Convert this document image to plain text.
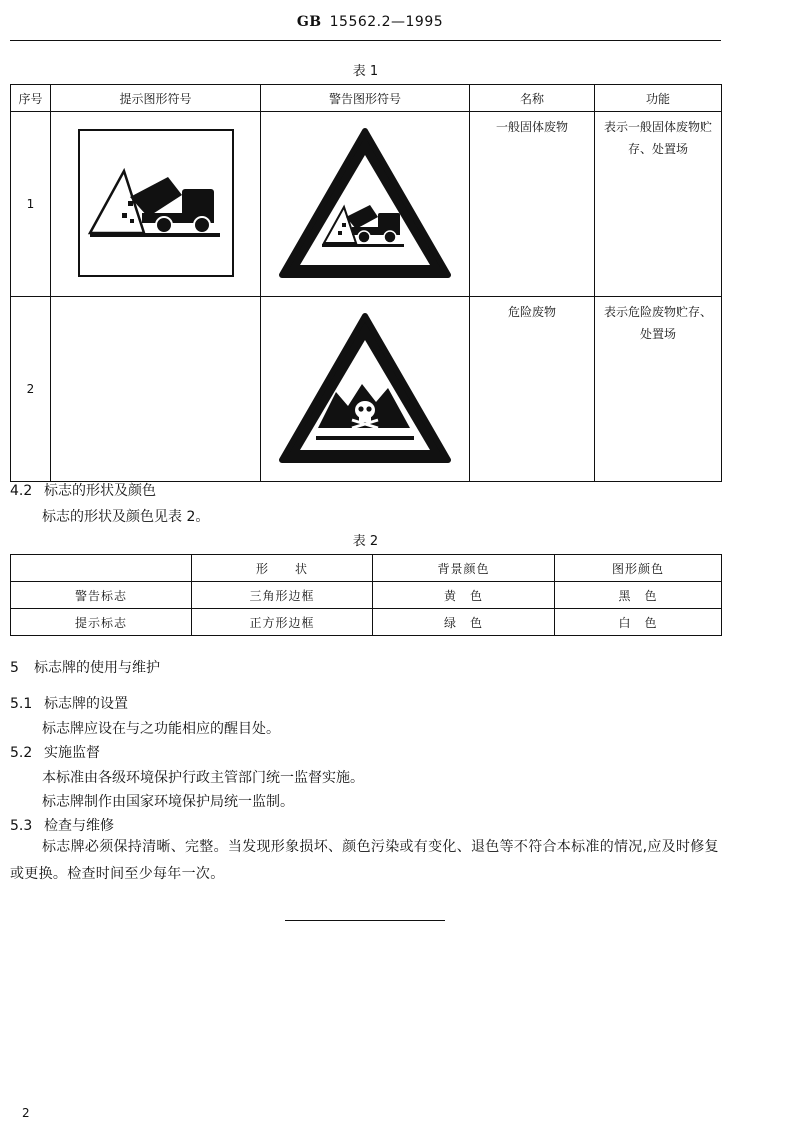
GB 15562.2—1995
表 1
序号	提示图形符号	警告图形符号	名称	功能
1			一般固体废物	表示一般固体废物贮存、处置场
2			危险废物	表示危险废物贮存、处置场
4.2 标志的形状及颜色
标志的形状及颜色见表 2。
表 2
	形　　状	背景颜色	图形颜色
警告标志	三角形边框	黄　色	黑　色
提示标志	正方形边框	绿　色	白　色
5 标志牌的使用与维护
5.1 标志牌的设置
标志牌应设在与之功能相应的醒目处。
5.2 实施监督
本标准由各级环境保护行政主管部门统一监督实施。
标志牌制作由国家环境保护局统一监制。
5.3 检查与维修
标志牌必须保持清晰、完整。当发现形象损坏、颜色污染或有变化、退色等不符合本标准的情况,应及时修复或更换。检查时间至少每年一次。
2
